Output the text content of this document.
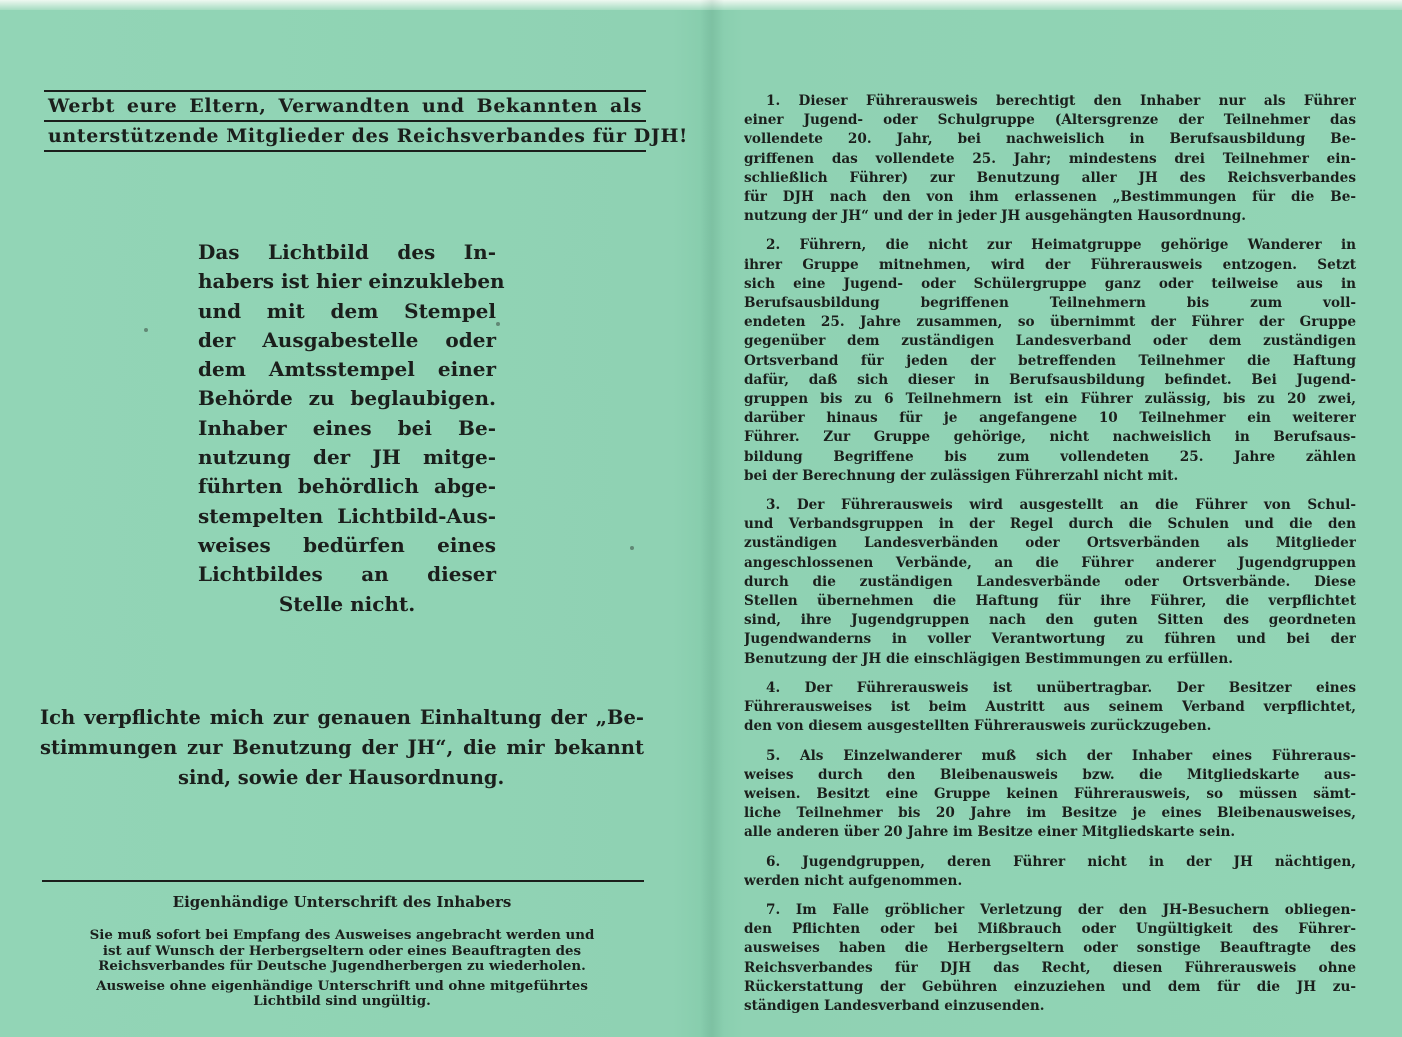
Werbt eure Eltern, Verwandten und Bekannten als
unterstützende Mitglieder des Reichsverbandes für DJH!
Das Lichtbild des In-
habers ist hier einzukleben
und mit dem Stempel
der Ausgabestelle oder
dem Amtsstempel einer
Behörde zu beglaubigen.
Inhaber eines bei Be-
nutzung der JH mitge-
führten behördlich abge-
stempelten Lichtbild-Aus-
weises bedürfen eines
Lichtbildes an dieser
Stelle nicht.
Ich verpflichte mich zur genauen Einhaltung der „Be-
stimmungen zur Benutzung der JH“, die mir bekannt
sind, sowie der Hausordnung.
Eigenhändige Unterschrift des Inhabers
Sie muß sofort bei Empfang des Ausweises angebracht werden und
ist auf Wunsch der Herbergseltern oder eines Beauftragten des
Reichsverbandes für Deutsche Jugendherbergen zu wiederholen.
Ausweise ohne eigenhändige Unterschrift und ohne mitgeführtes
Lichtbild sind ungültig.
1. Dieser Führerausweis berechtigt den Inhaber nur als Führer
einer Jugend- oder Schulgruppe (Altersgrenze der Teilnehmer das
vollendete 20. Jahr, bei nachweislich in Berufsausbildung Be-
griffenen das vollendete 25. Jahr; mindestens drei Teilnehmer ein-
schließlich Führer) zur Benutzung aller JH des Reichsverbandes
für DJH nach den von ihm erlassenen „Bestimmungen für die Be-
nutzung der JH“ und der in jeder JH ausgehängten Hausordnung.
2. Führern, die nicht zur Heimatgruppe gehörige Wanderer in
ihrer Gruppe mitnehmen, wird der Führerausweis entzogen. Setzt
sich eine Jugend- oder Schülergruppe ganz oder teilweise aus in
Berufsausbildung begriffenen Teilnehmern bis zum voll-
endeten 25. Jahre zusammen, so übernimmt der Führer der Gruppe
gegenüber dem zuständigen Landesverband oder dem zuständigen
Ortsverband für jeden der betreffenden Teilnehmer die Haftung
dafür, daß sich dieser in Berufsausbildung befindet. Bei Jugend-
gruppen bis zu 6 Teilnehmern ist ein Führer zulässig, bis zu 20 zwei,
darüber hinaus für je angefangene 10 Teilnehmer ein weiterer
Führer. Zur Gruppe gehörige, nicht nachweislich in Berufsaus-
bildung Begriffene bis zum vollendeten 25. Jahre zählen
bei der Berechnung der zulässigen Führerzahl nicht mit.
3. Der Führerausweis wird ausgestellt an die Führer von Schul-
und Verbandsgruppen in der Regel durch die Schulen und die den
zuständigen Landesverbänden oder Ortsverbänden als Mitglieder
angeschlossenen Verbände, an die Führer anderer Jugendgruppen
durch die zuständigen Landesverbände oder Ortsverbände. Diese
Stellen übernehmen die Haftung für ihre Führer, die verpflichtet
sind, ihre Jugendgruppen nach den guten Sitten des geordneten
Jugendwanderns in voller Verantwortung zu führen und bei der
Benutzung der JH die einschlägigen Bestimmungen zu erfüllen.
4. Der Führerausweis ist unübertragbar. Der Besitzer eines
Führerausweises ist beim Austritt aus seinem Verband verpflichtet,
den von diesem ausgestellten Führerausweis zurückzugeben.
5. Als Einzelwanderer muß sich der Inhaber eines Führeraus-
weises durch den Bleibenausweis bzw. die Mitgliedskarte aus-
weisen. Besitzt eine Gruppe keinen Führerausweis, so müssen sämt-
liche Teilnehmer bis 20 Jahre im Besitze je eines Bleibenausweises,
alle anderen über 20 Jahre im Besitze einer Mitgliedskarte sein.
6. Jugendgruppen, deren Führer nicht in der JH nächtigen,
werden nicht aufgenommen.
7. Im Falle gröblicher Verletzung der den JH-Besuchern obliegen-
den Pflichten oder bei Mißbrauch oder Ungültigkeit des Führer-
ausweises haben die Herbergseltern oder sonstige Beauftragte des
Reichsverbandes für DJH das Recht, diesen Führerausweis ohne
Rückerstattung der Gebühren einzuziehen und dem für die JH zu-
ständigen Landesverband einzusenden.
